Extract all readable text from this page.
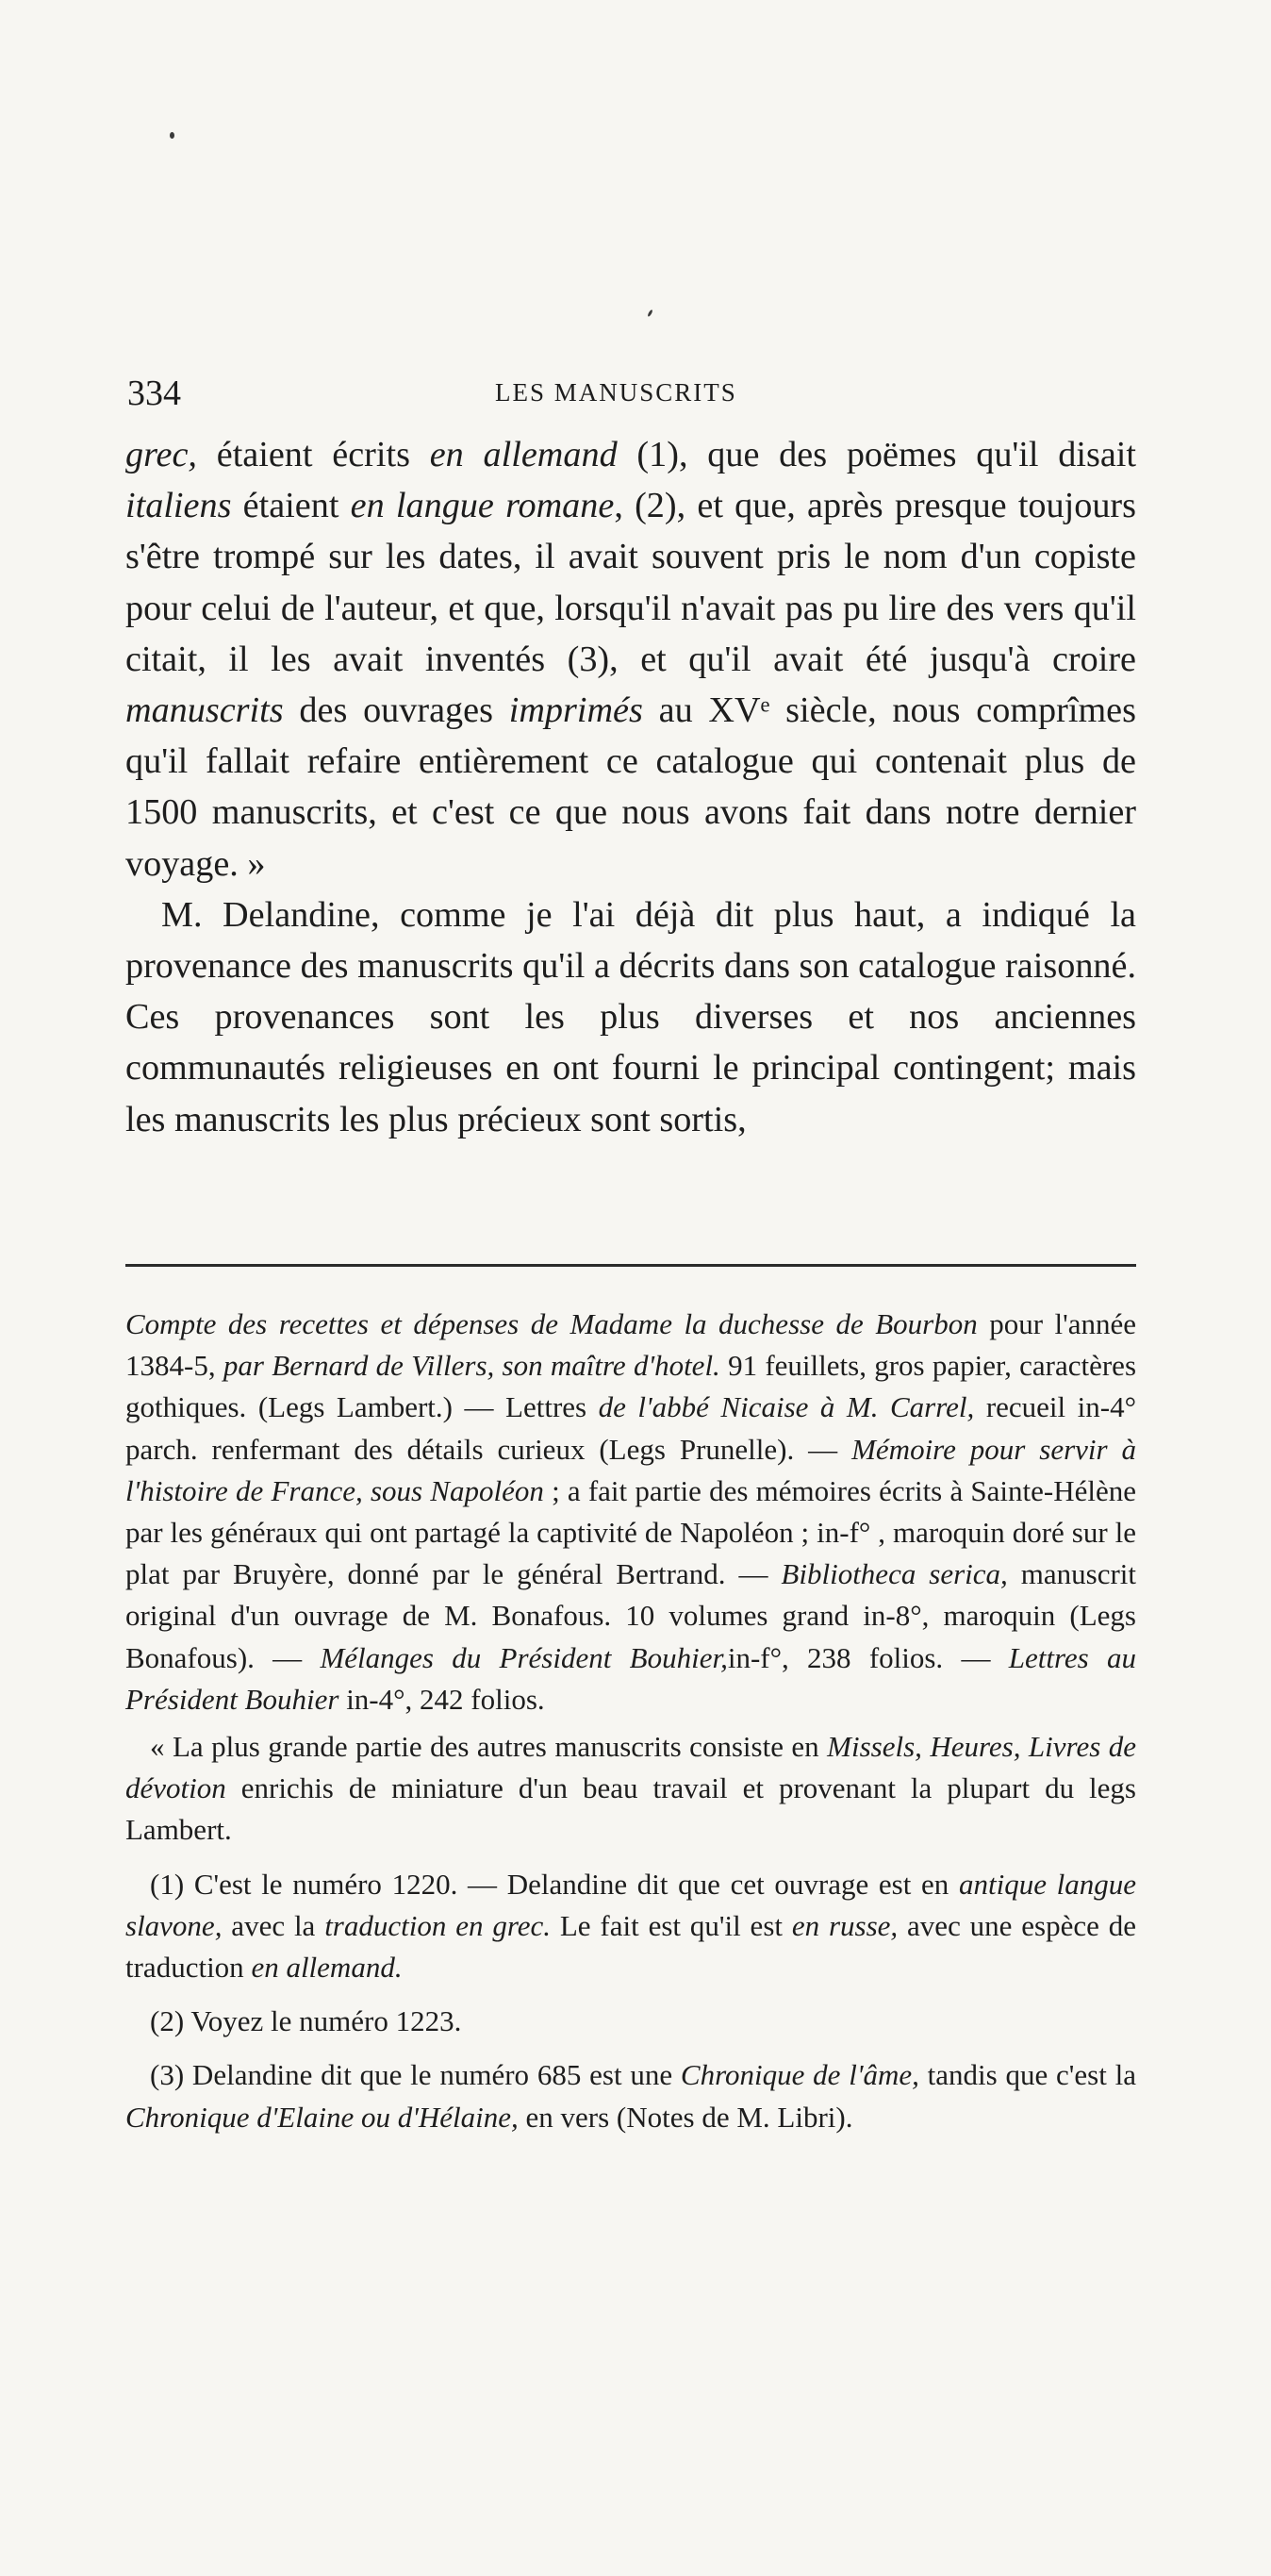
334	LES MANUSCRITS

grec, étaient écrits en allemand (1), que des poëmes qu'il disait italiens étaient en langue romane, (2), et que, après presque toujours s'être trompé sur les dates, il avait souvent pris le nom d'un copiste pour celui de l'auteur, et que, lorsqu'il n'avait pas pu lire des vers qu'il citait, il les avait inventés (3), et qu'il avait été jusqu'à croire manuscrits des ouvrages imprimés au XVᵉ siècle, nous comprîmes qu'il fallait refaire entièrement ce catalogue qui contenait plus de 1500 manuscrits, et c'est ce que nous avons fait dans notre dernier voyage. »

M. Delandine, comme je l'ai déjà dit plus haut, a indiqué la provenance des manuscrits qu'il a décrits dans son catalogue raisonné. Ces provenances sont les plus diverses et nos anciennes communautés religieuses en ont fourni le principal contingent; mais les manuscrits les plus précieux sont sortis,

Compte des recettes et dépenses de Madame la duchesse de Bourbon pour l'année 1384-5, par Bernard de Villers, son maître d'hotel. 91 feuillets, gros papier, caractères gothiques. (Legs Lambert.) — Lettres de l'abbé Nicaise à M. Carrel, recueil in-4° parch. renfermant des détails curieux (Legs Prunelle). — Mémoire pour servir à l'histoire de France, sous Napoléon ; a fait partie des mémoires écrits à Sainte-Hélène par les généraux qui ont partagé la captivité de Napoléon ; in-f° , maroquin doré sur le plat par Bruyère, donné par le général Bertrand. — Bibliotheca serica, manuscrit original d'un ouvrage de M. Bonafous. 10 volumes grand in-8°, maroquin (Legs Bonafous). — Mélanges du Président Bouhier,in-f°, 238 folios. — Lettres au Président Bouhier in-4°, 242 folios.

« La plus grande partie des autres manuscrits consiste en Missels, Heures, Livres de dévotion enrichis de miniature d'un beau travail et provenant la plupart du legs Lambert.

(1) C'est le numéro 1220. — Delandine dit que cet ouvrage est en antique langue slavone, avec la traduction en grec. Le fait est qu'il est en russe, avec une espèce de traduction en allemand.

(2) Voyez le numéro 1223.

(3) Delandine dit que le numéro 685 est une Chronique de l'âme, tandis que c'est la Chronique d'Elaine ou d'Hélaine, en vers (Notes de M. Libri).
